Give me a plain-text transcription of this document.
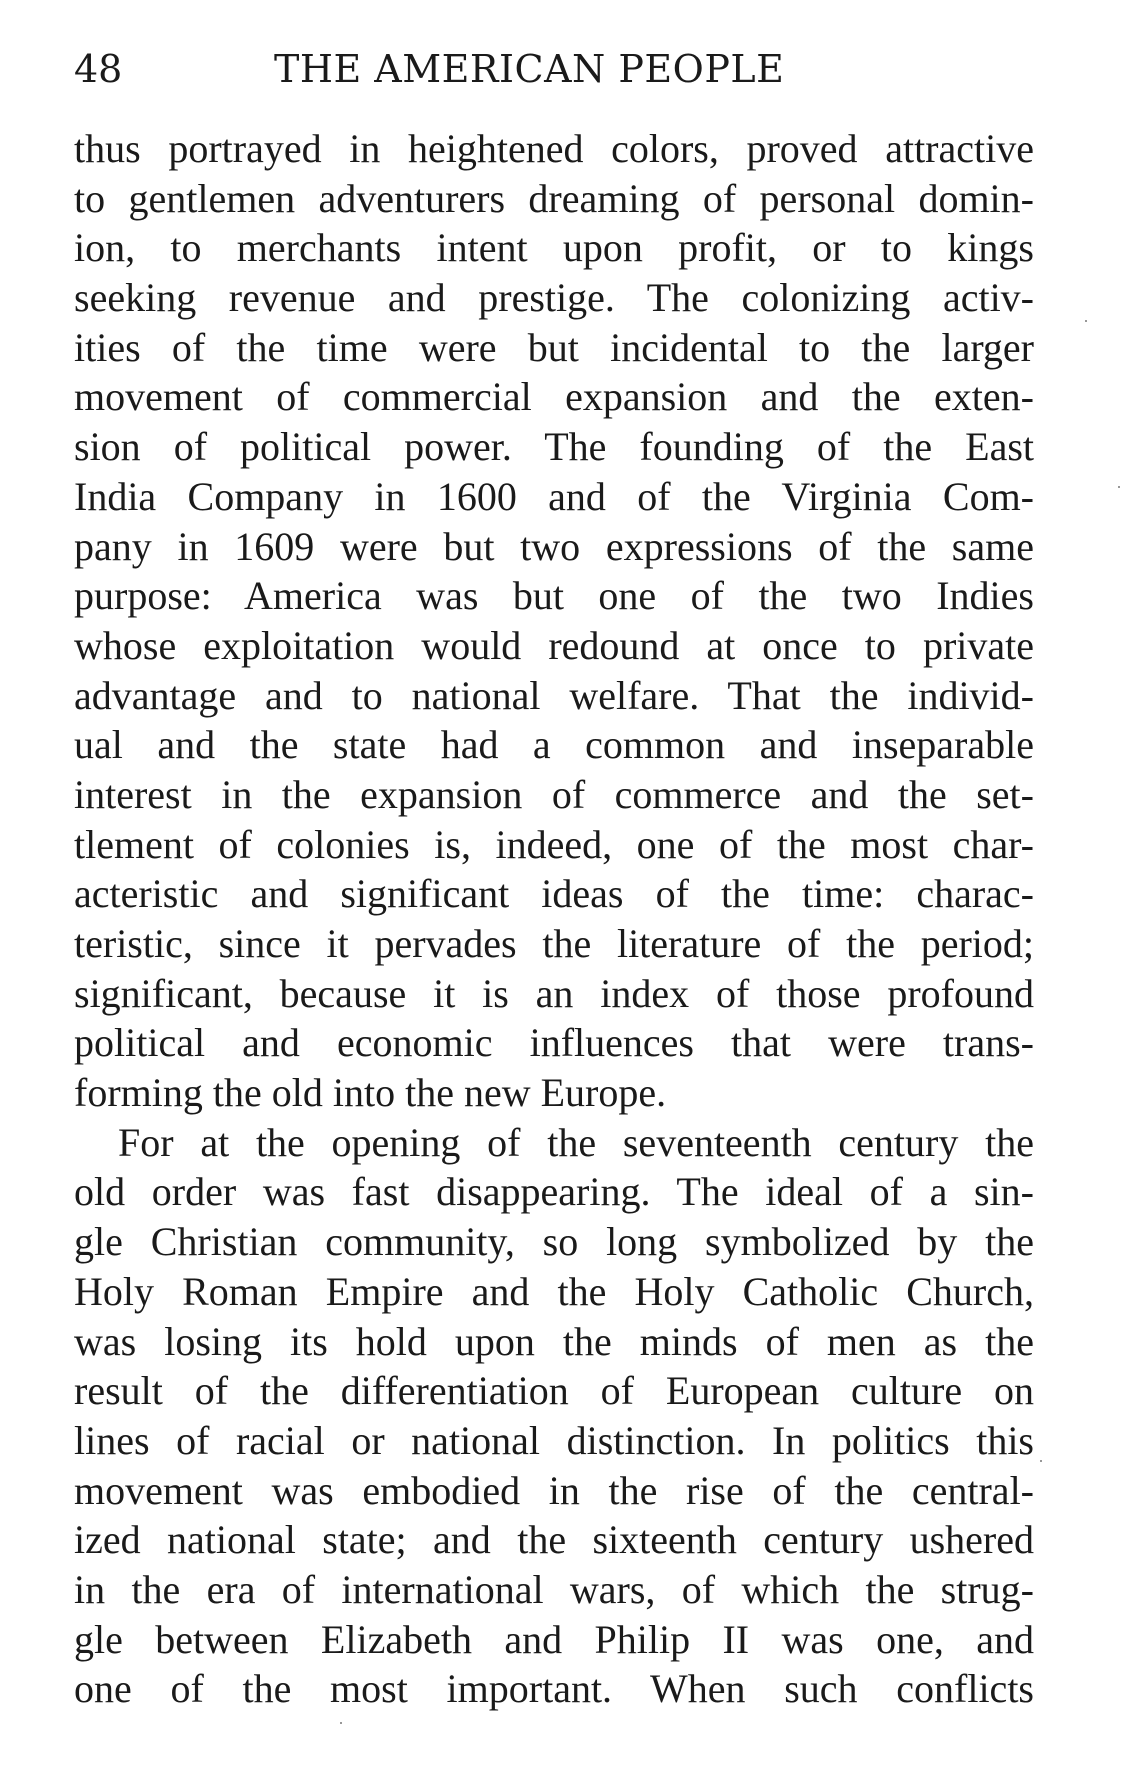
48	THE AMERICAN PEOPLE
thus portrayed in heightened colors, proved attractive
to gentlemen adventurers dreaming of personal domin-
ion, to merchants intent upon profit, or to kings
seeking revenue and prestige. The colonizing activ-
ities of the time were but incidental to the larger
movement of commercial expansion and the exten-
sion of political power. The founding of the East
India Company in 1600 and of the Virginia Com-
pany in 1609 were but two expressions of the same
purpose: America was but one of the two Indies
whose exploitation would redound at once to private
advantage and to national welfare. That the individ-
ual and the state had a common and inseparable
interest in the expansion of commerce and the set-
tlement of colonies is, indeed, one of the most char-
acteristic and significant ideas of the time: charac-
teristic, since it pervades the literature of the period;
significant, because it is an index of those profound
political and economic influences that were trans-
forming the old into the new Europe.
For at the opening of the seventeenth century the
old order was fast disappearing. The ideal of a sin-
gle Christian community, so long symbolized by the
Holy Roman Empire and the Holy Catholic Church,
was losing its hold upon the minds of men as the
result of the differentiation of European culture on
lines of racial or national distinction. In politics this
movement was embodied in the rise of the central-
ized national state; and the sixteenth century ushered
in the era of international wars, of which the strug-
gle between Elizabeth and Philip II was one, and
one of the most important. When such conflicts
